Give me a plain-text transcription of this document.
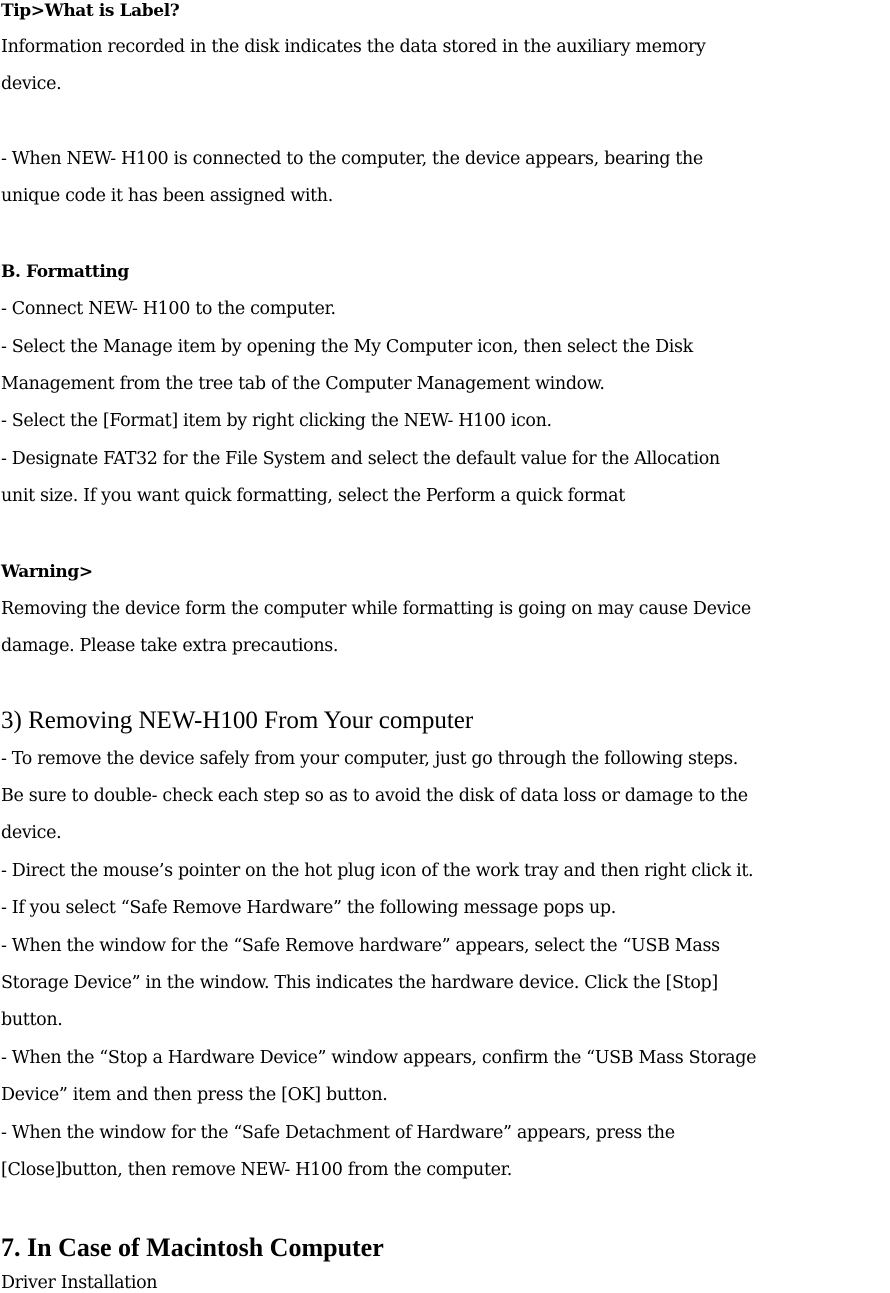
Tip>What is Label?
Information recorded in the disk indicates the data stored in the auxiliary memory
device.
- When NEW- H100 is connected to the computer, the device appears, bearing the
unique code it has been assigned with.
B. Formatting
- Connect NEW- H100 to the computer.
- Select the Manage item by opening the My Computer icon, then select the Disk
Management from the tree tab of the Computer Management window.
- Select the [Format] item by right clicking the NEW- H100 icon.
- Designate FAT32 for the File System and select the default value for the Allocation
unit size. If you want quick formatting, select the Perform a quick format
Warning>
Removing the device form the computer while formatting is going on may cause Device
damage. Please take extra precautions.
3) Removing NEW-H100 From Your computer
- To remove the device safely from your computer, just go through the following steps.
Be sure to double- check each step so as to avoid the disk of data loss or damage to the
device.
- Direct the mouse’s pointer on the hot plug icon of the work tray and then right click it.
- If you select “Safe Remove Hardware” the following message pops up.
- When the window for the “Safe Remove hardware” appears, select the “USB Mass
Storage Device” in the window. This indicates the hardware device. Click the [Stop]
button.
- When the “Stop a Hardware Device” window appears, confirm the “USB Mass Storage
Device” item and then press the [OK] button.
- When the window for the “Safe Detachment of Hardware” appears, press the
[Close]button, then remove NEW- H100 from the computer.
7. In Case of Macintosh Computer
Driver Installation
